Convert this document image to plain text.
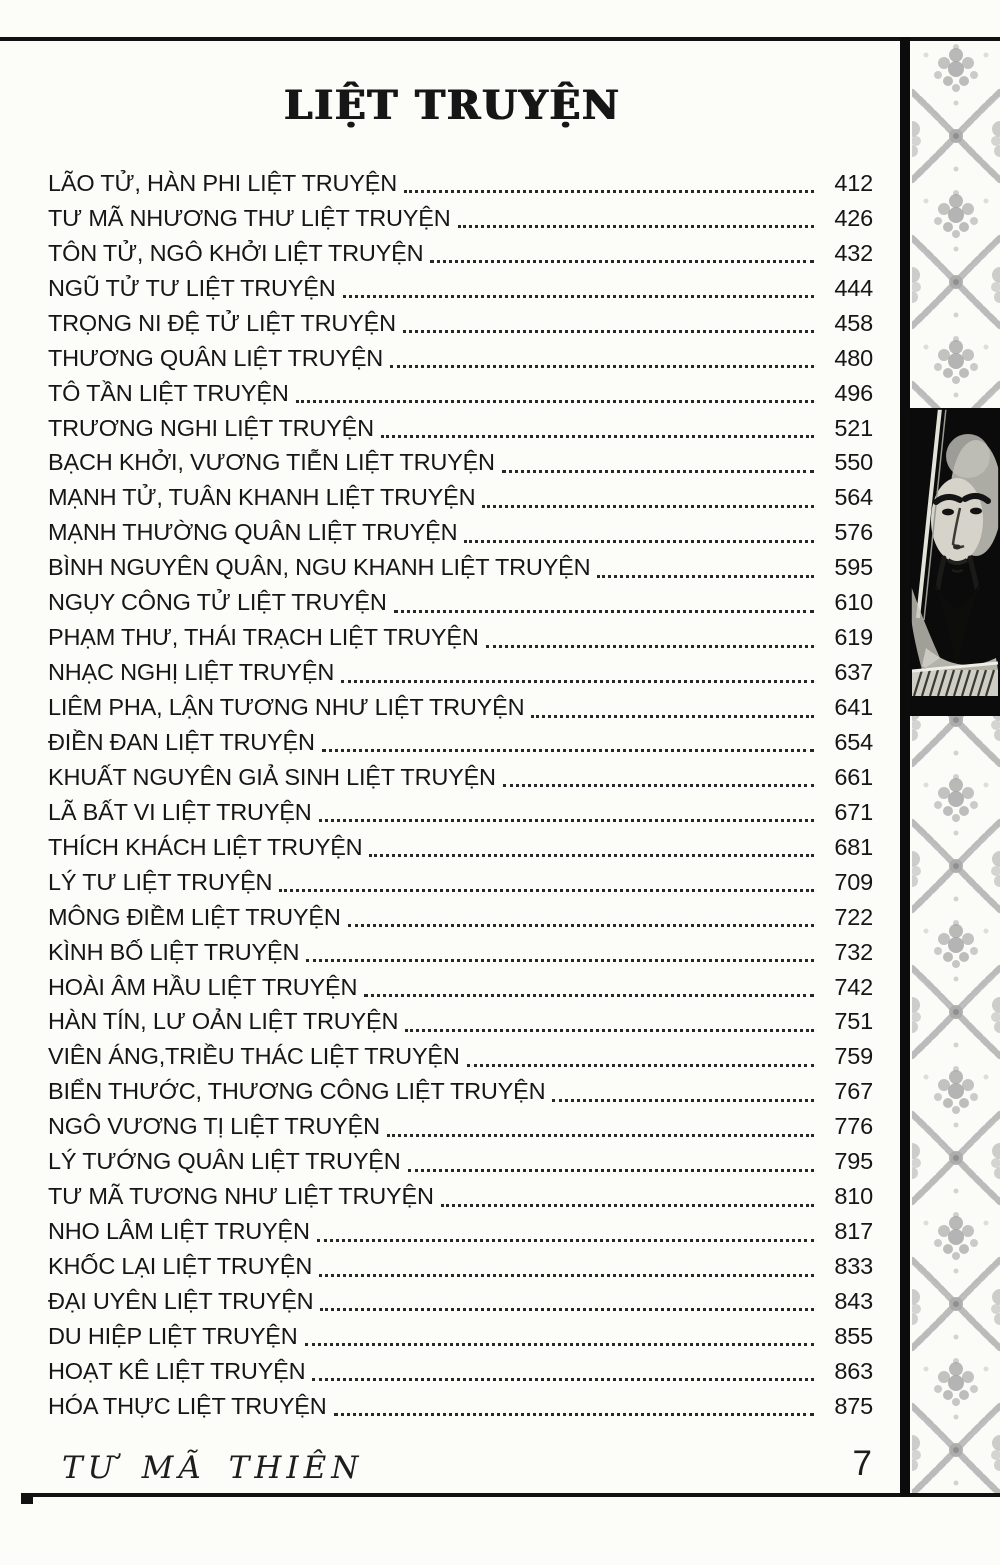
LIỆT TRUYỆN
LÃO TỬ, HÀN PHI LIỆT TRUYỆN	412
TƯ MÃ NHƯƠNG THƯ LIỆT TRUYỆN	426
TÔN TỬ, NGÔ KHỞI LIỆT TRUYỆN	432
NGŨ TỬ TƯ LIỆT TRUYỆN	444
TRỌNG NI ĐỆ TỬ LIỆT TRUYỆN	458
THƯƠNG QUÂN LIỆT TRUYỆN	480
TÔ TẦN LIỆT TRUYỆN	496
TRƯƠNG NGHI LIỆT TRUYỆN	521
BẠCH KHỞI, VƯƠNG TIỄN LIỆT TRUYỆN	550
MẠNH TỬ, TUÂN KHANH LIỆT TRUYỆN	564
MẠNH THƯỜNG QUÂN LIỆT TRUYỆN	576
BÌNH NGUYÊN QUÂN, NGU KHANH LIỆT TRUYỆN	595
NGỤY CÔNG TỬ LIỆT TRUYỆN	610
PHẠM THƯ, THÁI TRẠCH LIỆT TRUYỆN	619
NHẠC NGHỊ LIỆT TRUYỆN	637
LIÊM PHA, LẬN TƯƠNG NHƯ LIỆT TRUYỆN	641
ĐIỀN ĐAN LIỆT TRUYỆN	654
KHUẤT NGUYÊN GIẢ SINH LIỆT TRUYỆN	661
LÃ BẤT VI LIỆT TRUYỆN	671
THÍCH KHÁCH LIỆT TRUYỆN	681
LÝ TƯ LIỆT TRUYỆN	709
MÔNG ĐIỀM LIỆT TRUYỆN	722
KÌNH BỐ LIỆT TRUYỆN	732
HOÀI ÂM HẦU LIỆT TRUYỆN	742
HÀN TÍN, LƯ OẢN LIỆT TRUYỆN	751
VIÊN ÁNG,TRIỀU THÁC LIỆT TRUYỆN	759
BIỂN THƯỚC, THƯƠNG CÔNG LIỆT TRUYỆN	767
NGÔ VƯƠNG TỊ LIỆT TRUYỆN	776
LÝ TƯỚNG QUÂN LIỆT TRUYỆN	795
TƯ MÃ TƯƠNG NHƯ LIỆT TRUYỆN	810
NHO LÂM LIỆT TRUYỆN	817
KHỐC LẠI LIỆT TRUYỆN	833
ĐẠI UYÊN LIỆT TRUYỆN	843
DU HIỆP LIỆT TRUYỆN	855
HOẠT KÊ LIỆT TRUYỆN	863
HÓA THỰC LIỆT TRUYỆN	875
TƯ MÃ THIÊN	7
